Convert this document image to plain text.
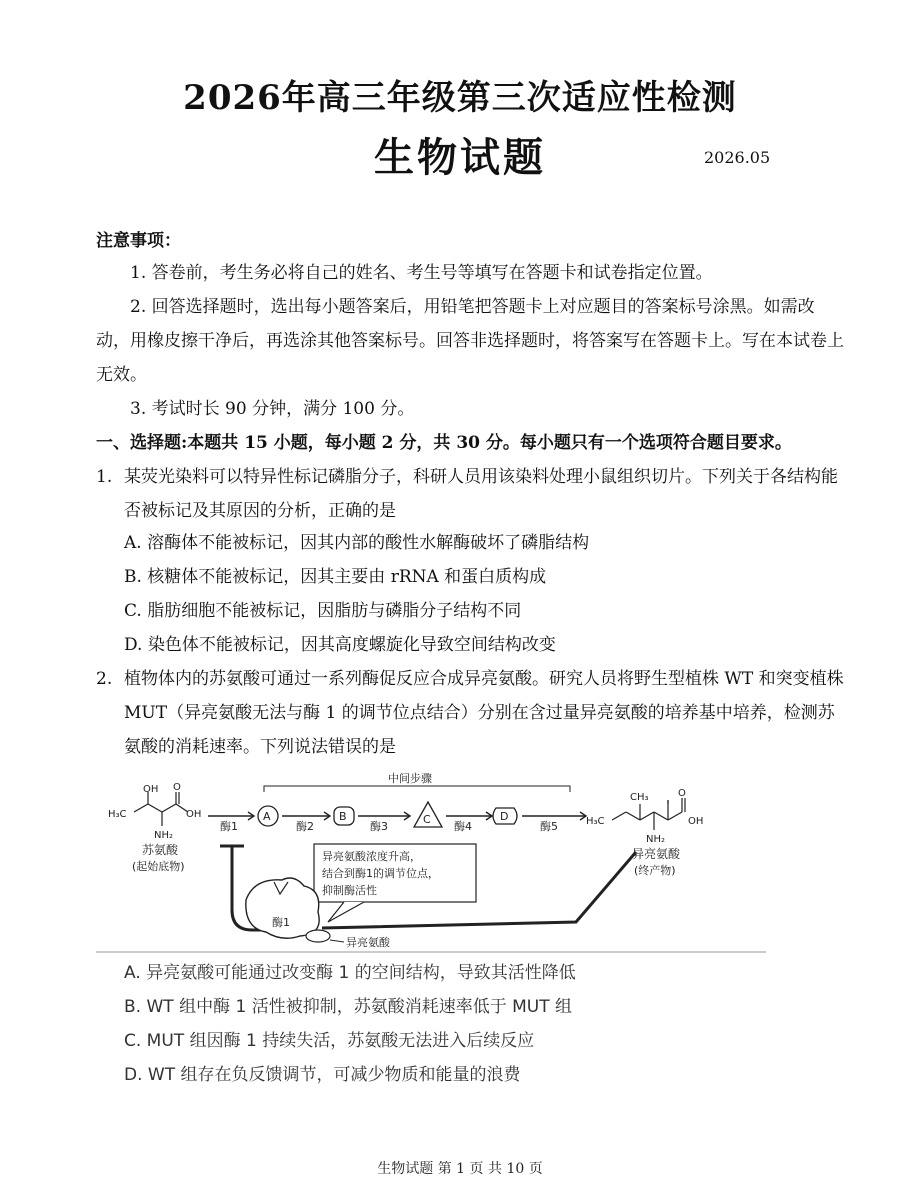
2026年高三年级第三次适应性检测
生物试题	2026.05
注意事项：
1. 答卷前，考生务必将自己的姓名、考生号等填写在答题卡和试卷指定位置。
2. 回答选择题时，选出每小题答案后，用铅笔把答题卡上对应题目的答案标号涂黑。如需改动，用橡皮擦干净后，再选涂其他答案标号。回答非选择题时，将答案写在答题卡上。写在本试卷上无效。
3. 考试时长 90 分钟，满分 100 分。
一、选择题:本题共 15 小题，每小题 2 分，共 30 分。每小题只有一个选项符合题目要求。
1. 某荧光染料可以特异性标记磷脂分子，科研人员用该染料处理小鼠组织切片。下列关于各结构能否被标记及其原因的分析，正确的是
A. 溶酶体不能被标记，因其内部的酸性水解酶破坏了磷脂结构
B. 核糖体不能被标记，因其主要由 rRNA 和蛋白质构成
C. 脂肪细胞不能被标记，因脂肪与磷脂分子结构不同
D. 染色体不能被标记，因其高度螺旋化导致空间结构改变
2. 植物体内的苏氨酸可通过一系列酶促反应合成异亮氨酸。研究人员将野生型植株 WT 和突变植株 MUT（异亮氨酸无法与酶 1 的调节位点结合）分别在含过量异亮氨酸的培养基中培养，检测苏氨酸的消耗速率。下列说法错误的是
OH
H₃C
O
OH
NH₂
苏氨酸
(起始底物)
中间步骤
酶1	酶2	酶3	酶4	酶5
A	B	C	D	H₃C
CH₃	O
OH
NH₂
异亮氨酸
(终产物)
异亮氨酸浓度升高，
结合到酶1的调节位点，
抑制酶活性
酶1
异亮氨酸
A. 异亮氨酸可能通过改变酶 1 的空间结构，导致其活性降低
B. WT 组中酶 1 活性被抑制，苏氨酸消耗速率低于 MUT 组
C. MUT 组因酶 1 持续失活，苏氨酸无法进入后续反应
D. WT 组存在负反馈调节，可减少物质和能量的浪费
生物试题 第 1 页 共 10 页
